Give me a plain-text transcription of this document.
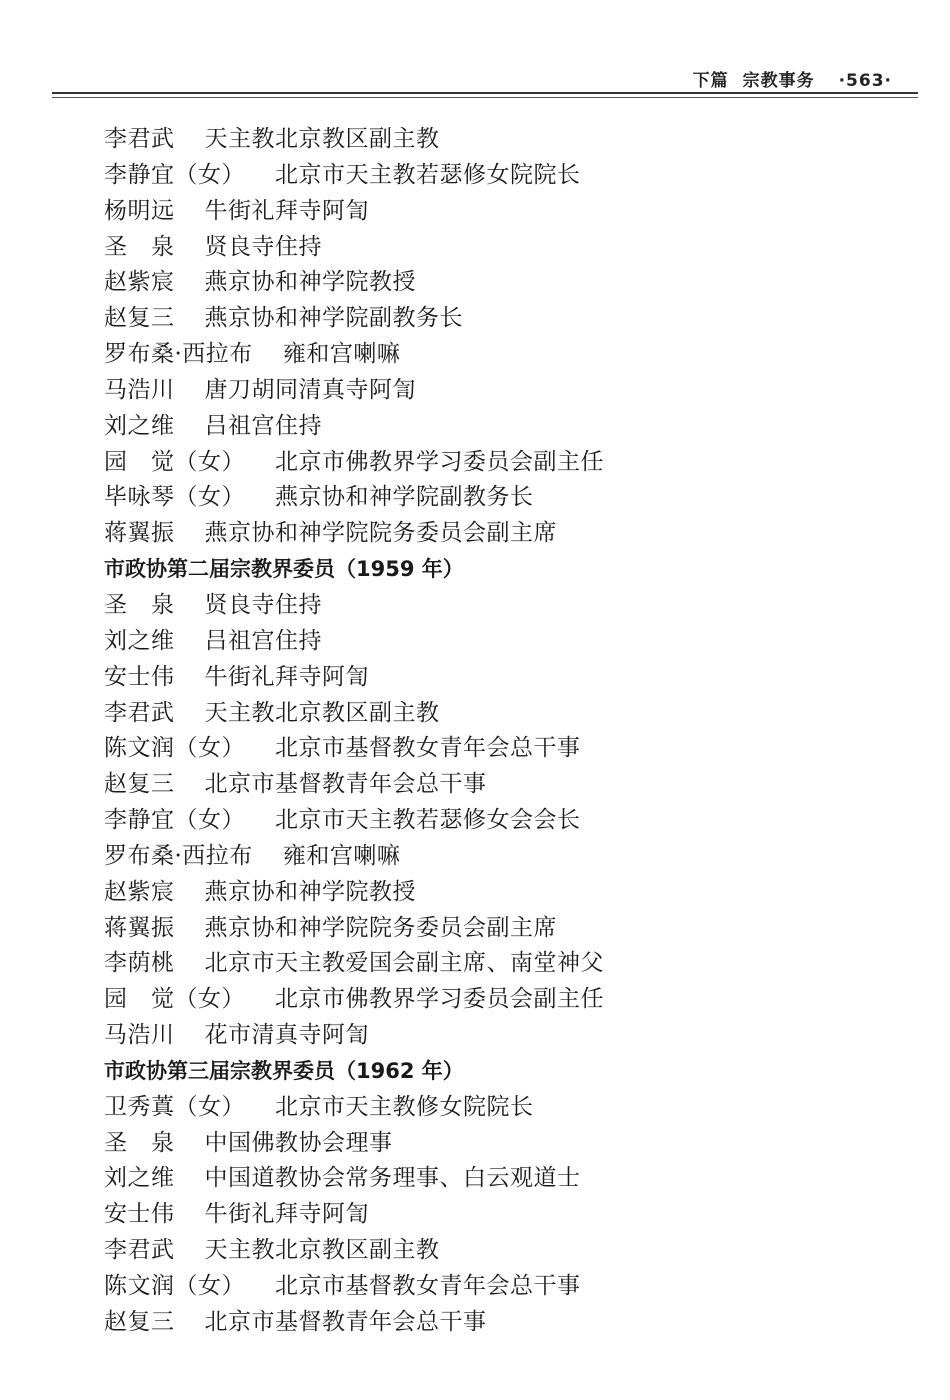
下篇 宗教事务 ·563·
李君武 天主教北京教区副主教
李静宜（女） 北京市天主教若瑟修女院院长
杨明远 牛街礼拜寺阿訇
圣　泉 贤良寺住持
赵紫宸 燕京协和神学院教授
赵复三 燕京协和神学院副教务长
罗布桑·西拉布 雍和宫喇嘛
马浩川 唐刀胡同清真寺阿訇
刘之维 吕祖宫住持
园　觉（女） 北京市佛教界学习委员会副主任
毕咏琴（女） 燕京协和神学院副教务长
蒋翼振 燕京协和神学院院务委员会副主席
市政协第二届宗教界委员（1959 年）
圣　泉 贤良寺住持
刘之维 吕祖宫住持
安士伟 牛街礼拜寺阿訇
李君武 天主教北京教区副主教
陈文润（女） 北京市基督教女青年会总干事
赵复三 北京市基督教青年会总干事
李静宜（女） 北京市天主教若瑟修女会会长
罗布桑·西拉布 雍和宫喇嘛
赵紫宸 燕京协和神学院教授
蒋翼振 燕京协和神学院院务委员会副主席
李荫桃 北京市天主教爱国会副主席、南堂神父
园　觉（女） 北京市佛教界学习委员会副主任
马浩川 花市清真寺阿訇
市政协第三届宗教界委员（1962 年）
卫秀蒖（女） 北京市天主教修女院院长
圣　泉 中国佛教协会理事
刘之维 中国道教协会常务理事、白云观道士
安士伟 牛街礼拜寺阿訇
李君武 天主教北京教区副主教
陈文润（女） 北京市基督教女青年会总干事
赵复三 北京市基督教青年会总干事
